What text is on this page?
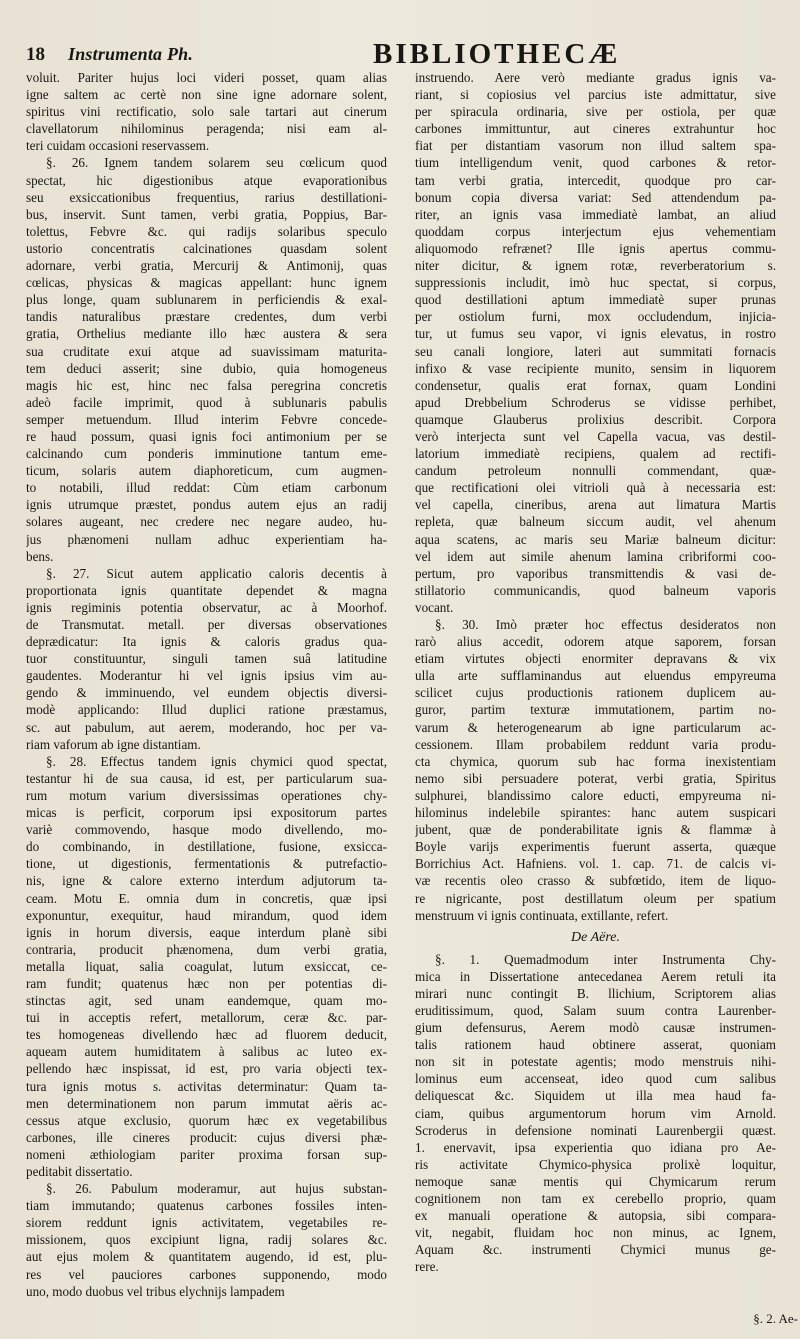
18 Instrumenta Ph.	BIBLIOTHECÆ
voluit. Pariter hujus loci videri posset, quam alias
igne saltem ac certè non sine igne adornare solent,
spiritus vini rectificatio, solo sale tartari aut cinerum
clavellatorum nihilominus peragenda; nisi eam al-
teri cuidam occasioni reservassem.
§. 26. Ignem tandem solarem seu cœlicum quod
spectat, hic digestionibus atque evaporationibus
seu exsiccationibus frequentius, rarius destillationi-
bus, inservit. Sunt tamen, verbi gratia, Poppius, Bar-
tolettus, Febvre &c. qui radijs solaribus speculo
ustorio concentratis calcinationes quasdam solent
adornare, verbi gratia, Mercurij & Antimonij, quas
cœlicas, physicas & magicas appellant: hunc ignem
plus longe, quam sublunarem in perficiendis & exal-
tandis naturalibus præstare credentes, dum verbi
gratia, Orthelius mediante illo hæc austera & sera
sua cruditate exui atque ad suavissimam maturita-
tem deduci asserit; sine dubio, quia homogeneus
magis hic est, hinc nec falsa peregrina concretis
adeò facile imprimit, quod à sublunaris pabulis
semper metuendum. Illud interim Febvre concede-
re haud possum, quasi ignis foci antimonium per se
calcinando cum ponderis imminutione tantum eme-
ticum, solaris autem diaphoreticum, cum augmen-
to notabili, illud reddat: Cùm etiam carbonum
ignis utrumque præstet, pondus autem ejus an radij
solares augeant, nec credere nec negare audeo, hu-
jus phænomeni nullam adhuc experientiam ha-
bens.
§. 27. Sicut autem applicatio caloris decentis à
proportionata ignis quantitate dependet & magna
ignis regiminis potentia observatur, ac à Moorhof.
de Transmutat. metall. per diversas observationes
deprædicatur: Ita ignis & caloris gradus qua-
tuor constituuntur, singuli tamen suâ latitudine
gaudentes. Moderantur hi vel ignis ipsius vim au-
gendo & imminuendo, vel eundem objectis diversi-
modè applicando: Illud duplici ratione præstamus,
sc. aut pabulum, aut aerem, moderando, hoc per va-
riam vaforum ab igne distantiam.
§. 28. Effectus tandem ignis chymici quod spectat,
testantur hi de sua causa, id est, per particularum sua-
rum motum varium diversissimas operationes chy-
micas is perficit, corporum ipsi expositorum partes
variè commovendo, hasque modo divellendo, mo-
do combinando, in destillatione, fusione, exsicca-
tione, ut digestionis, fermentationis & putrefactio-
nis, igne & calore externo interdum adjutorum ta-
ceam. Motu E. omnia dum in concretis, quæ ipsi
exponuntur, exequitur, haud mirandum, quod idem
ignis in horum diversis, eaque interdum planè sibi
contraria, producit phænomena, dum verbi gratia,
metalla liquat, salia coagulat, lutum exsiccat, ce-
ram fundit; quatenus hæc non per potentias di-
stinctas agit, sed unam eandemque, quam mo-
tui in acceptis refert, metallorum, ceræ &c. par-
tes homogeneas divellendo hæc ad fluorem deducit,
aqueam autem humiditatem à salibus ac luteo ex-
pellendo hæc inspissat, id est, pro varia objecti tex-
tura ignis motus s. activitas determinatur: Quam ta-
men determinationem non parum immutat aëris ac-
cessus atque exclusio, quorum hæc ex vegetabilibus
carbones, ille cineres producit: cujus diversi phæ-
nomeni æthiologiam pariter proxima forsan sup-
peditabit dissertatio.
§. 26. Pabulum moderamur, aut hujus substan-
tiam immutando; quatenus carbones fossiles inten-
siorem reddunt ignis activitatem, vegetabiles re-
missionem, quos excipiunt ligna, radij solares &c.
aut ejus molem & quantitatem augendo, id est, plu-
res vel pauciores carbones supponendo, modo
uno, modo duobus vel tribus elychnijs lampadem
instruendo. Aere verò mediante gradus ignis va-
riant, si copiosius vel parcius iste admittatur, sive
per spiracula ordinaria, sive per ostiola, per quæ
carbones immittuntur, aut cineres extrahuntur hoc
fiat per distantiam vasorum non illud saltem spa-
tium intelligendum venit, quod carbones & retor-
tam verbi gratia, intercedit, quodque pro car-
bonum copia diversa variat: Sed attendendum pa-
riter, an ignis vasa immediatè lambat, an aliud
quoddam corpus interjectum ejus vehementiam
aliquomodo refrænet? Ille ignis apertus commu-
niter dicitur, & ignem rotæ, reverberatorium s.
suppressionis includit, imò huc spectat, si corpus,
quod destillationi aptum immediatè super prunas
per ostiolum furni, mox occludendum, injicia-
tur, ut fumus seu vapor, vi ignis elevatus, in rostro
seu canali longiore, lateri aut summitati fornacis
infixo & vase recipiente munito, sensim in liquorem
condensetur, qualis erat fornax, quam Londini
apud Drebbelium Schroderus se vidisse perhibet,
quamque Glauberus prolixius describit. Corpora
verò interjecta sunt vel Capella vacua, vas destil-
latorium immediatè recipiens, qualem ad rectifi-
candum petroleum nonnulli commendant, quæ-
que rectificationi olei vitrioli quà à necessaria est:
vel capella, cineribus, arena aut limatura Martis
repleta, quæ balneum siccum audit, vel ahenum
aqua scatens, ac maris seu Mariæ balneum dicitur:
vel idem aut simile ahenum lamina cribriformi coo-
pertum, pro vaporibus transmittendis & vasi de-
stillatorio communicandis, quod balneum vaporis
vocant.
§. 30. Imò præter hoc effectus desideratos non
rarò alius accedit, odorem atque saporem, forsan
etiam virtutes objecti enormiter depravans & vix
ulla arte sufflaminandus aut eluendus empyreuma
scilicet cujus productionis rationem duplicem au-
guror, partim texturæ immutationem, partim no-
varum & heterogenearum ab igne particularum ac-
cessionem. Illam probabilem reddunt varia produ-
cta chymica, quorum sub hac forma inexistentiam
nemo sibi persuadere poterat, verbi gratia, Spiritus
sulphurei, blandissimo calore educti, empyreuma ni-
hilominus indelebile spirantes: hanc autem suspicari
jubent, quæ de ponderabilitate ignis & flammæ à
Boyle varijs experimentis fuerunt asserta, quæque
Borrichius Act. Hafniens. vol. 1. cap. 71. de calcis vi-
væ recentis oleo crasso & subfœtido, item de liquo-
re nigricante, post destillatum oleum per spatium
menstruum vi ignis continuata, extillante, refert.
De Aëre.
§. 1. Quemadmodum inter Instrumenta Chy-
mica in Dissertatione antecedanea Aerem retuli ita
mirari nunc contingit B. llichium, Scriptorem alias
eruditissimum, quod, Salam suum contra Laurenber-
gium defensurus, Aerem modò causæ instrumen-
talis rationem haud obtinere asserat, quoniam
non sit in potestate agentis; modo menstruis nihi-
lominus eum accenseat, ideo quod cum salibus
deliquescat &c. Siquidem ut illa mea haud fa-
ciam, quibus argumentorum horum vim Arnold.
Scroderus in defensione nominati Laurenbergii quæst.
1. enervavit, ipsa experientia quo idiana pro Ae-
ris activitate Chymico-physica prolixè loquitur,
nemoque sanæ mentis qui Chymicarum rerum
cognitionem non tam ex cerebello proprio, quam
ex manuali operatione & autopsia, sibi compara-
vit, negabit, fluidam hoc non minus, ac Ignem,
Aquam &c. instrumenti Chymici munus ge-
rere.
§. 2. Ae-
